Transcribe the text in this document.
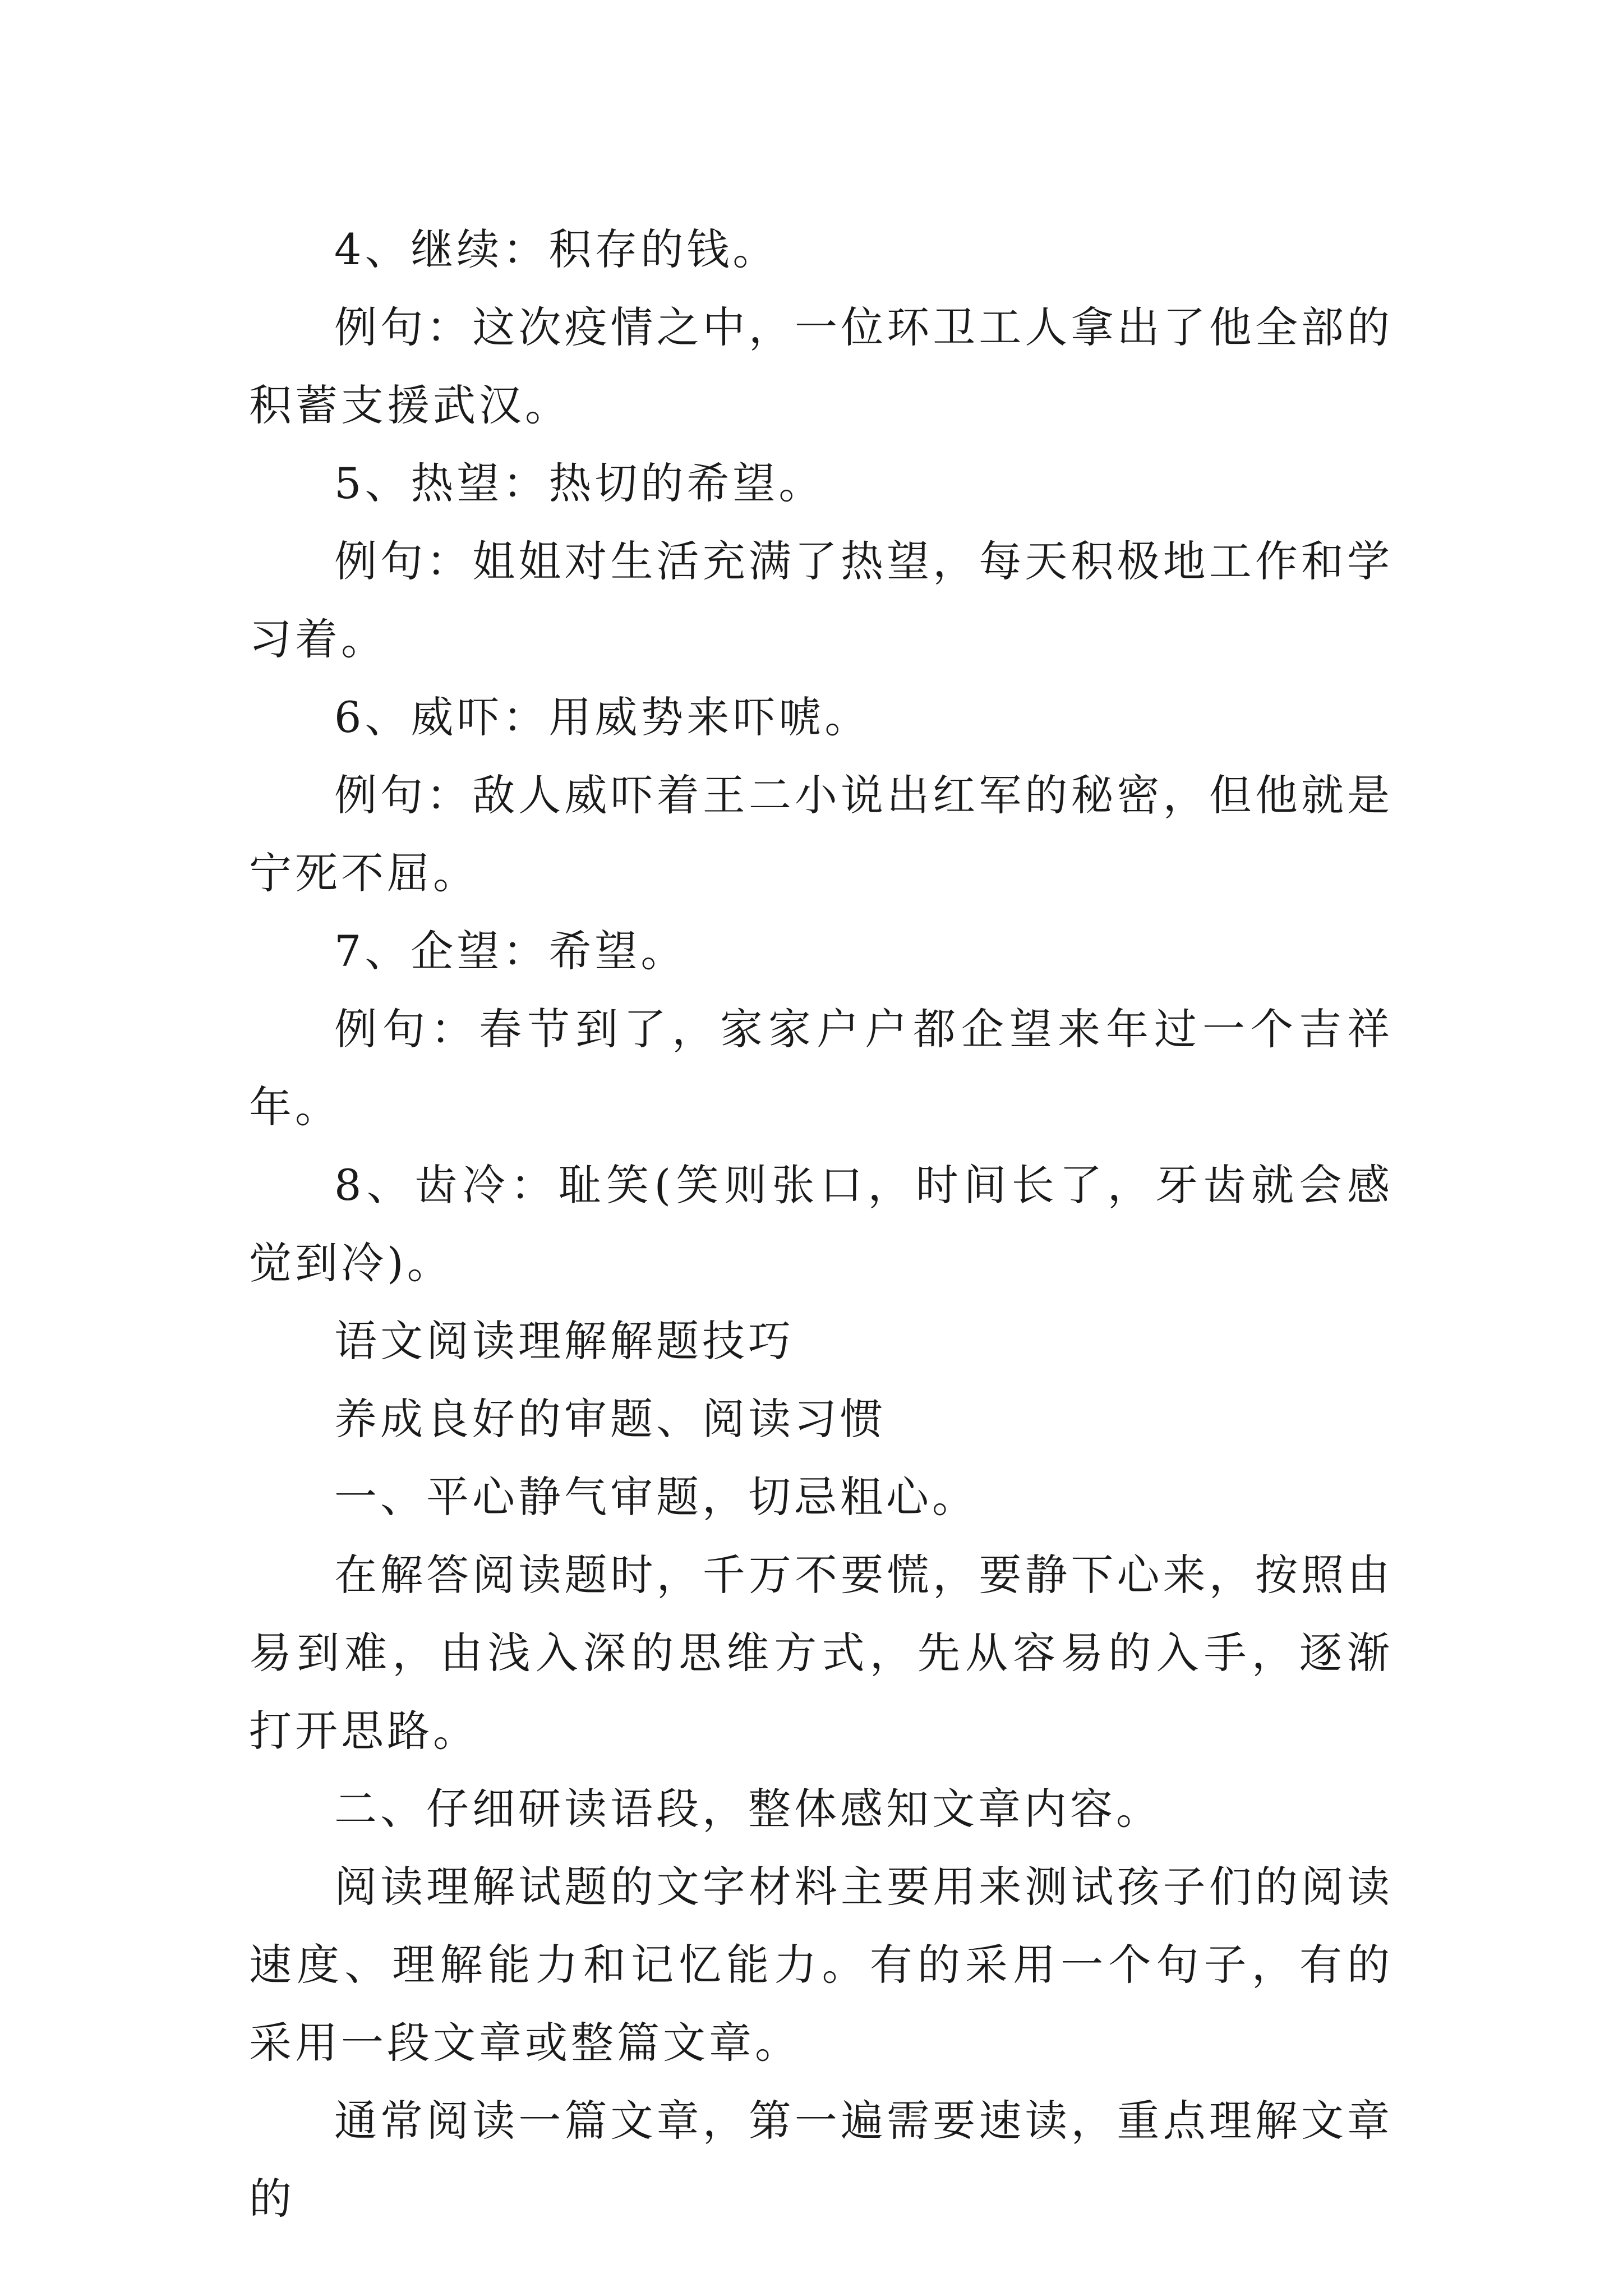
4、继续：积存的钱。

例句：这次疫情之中，一位环卫工人拿出了他全部的积蓄支援武汉。

5、热望：热切的希望。

例句：姐姐对生活充满了热望，每天积极地工作和学习着。

6、威吓：用威势来吓唬。

例句：敌人威吓着王二小说出红军的秘密，但他就是宁死不屈。

7、企望：希望。

例句：春节到了，家家户户都企望来年过一个吉祥年。

8、齿冷：耻笑(笑则张口，时间长了，牙齿就会感觉到冷)。

语文阅读理解解题技巧

养成良好的审题、阅读习惯

一、平心静气审题，切忌粗心。

在解答阅读题时，千万不要慌，要静下心来，按照由易到难，由浅入深的思维方式，先从容易的入手，逐渐打开思路。

二、仔细研读语段，整体感知文章内容。

阅读理解试题的文字材料主要用来测试孩子们的阅读速度、理解能力和记忆能力。有的采用一个句子，有的采用一段文章或整篇文章。

通常阅读一篇文章，第一遍需要速读，重点理解文章的
